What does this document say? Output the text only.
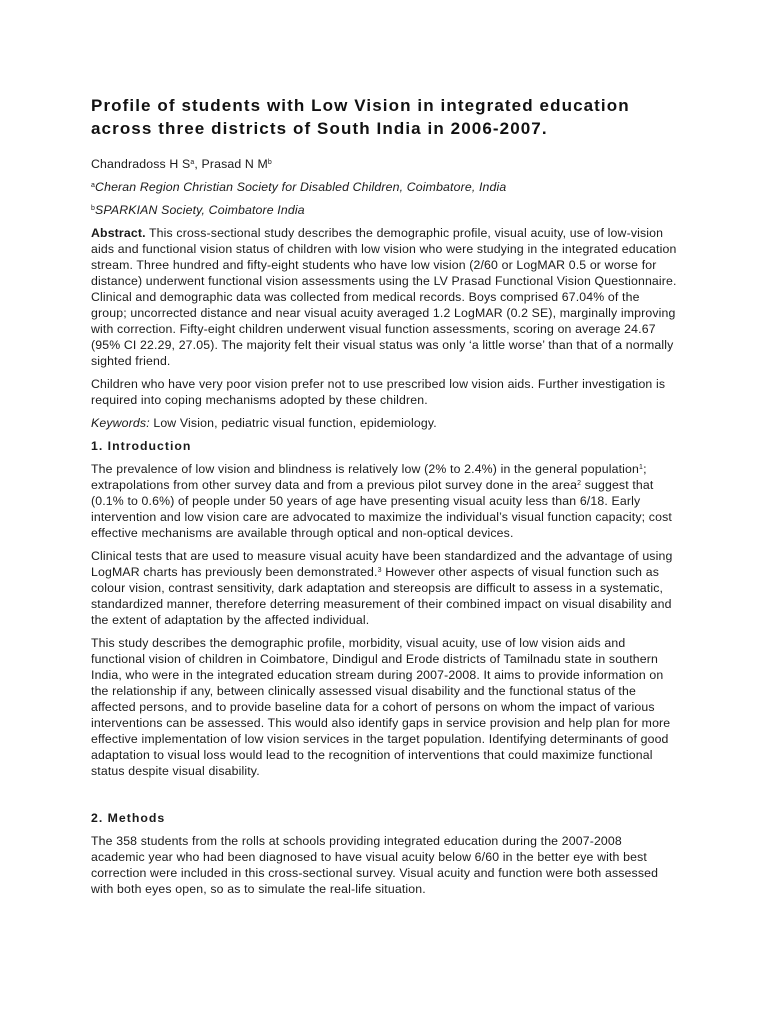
Profile of students with Low Vision in integrated education across three districts of South India in 2006-2007.

Chandradoss H $S^a$, Prasad N $M^b$

$^a$Cheran Region Christian Society for Disabled Children, Coimbatore, India

$^b$SPARKIAN Society, Coimbatore India

Abstract. This cross-sectional study describes the demographic profile, visual acuity, use of low-vision aids and functional vision status of children with low vision who were studying in the integrated education stream. Three hundred and fifty-eight students who have low vision (2/60 or LogMAR 0.5 or worse for distance) underwent functional vision assessments using the LV Prasad Functional Vision Questionnaire. Clinical and demographic data was collected from medical records. Boys comprised 67.04% of the group; uncorrected distance and near visual acuity averaged 1.2 LogMAR (0.2 SE), marginally improving with correction. Fifty-eight children underwent visual function assessments, scoring on average 24.67 (95% CI 22.29, 27.05). The majority felt their visual status was only ‘a little worse’ than that of a normally sighted friend.

Children who have very poor vision prefer not to use prescribed low vision aids. Further investigation is required into coping mechanisms adopted by these children.

Keywords: Low Vision, pediatric visual function, epidemiology.

1. Introduction

The prevalence of low vision and blindness is relatively low (2% to 2.4%) in the general population$^1$; extrapolations from other survey data and from a previous pilot survey done in the area$^2$ suggest that (0.1% to 0.6%) of people under 50 years of age have presenting visual acuity less than 6/18. Early intervention and low vision care are advocated to maximize the individual’s visual function capacity; cost effective mechanisms are available through optical and non-optical devices.

Clinical tests that are used to measure visual acuity have been standardized and the advantage of using LogMAR charts has previously been demonstrated.$^3$ However other aspects of visual function such as colour vision, contrast sensitivity, dark adaptation and stereopsis are difficult to assess in a systematic, standardized manner, therefore deterring measurement of their combined impact on visual disability and the extent of adaptation by the affected individual.

This study describes the demographic profile, morbidity, visual acuity, use of low vision aids and functional vision of children in Coimbatore, Dindigul and Erode districts of Tamilnadu state in southern India, who were in the integrated education stream during 2007-2008. It aims to provide information on the relationship if any, between clinically assessed visual disability and the functional status of the affected persons, and to provide baseline data for a cohort of persons on whom the impact of various interventions can be assessed. This would also identify gaps in service provision and help plan for more effective implementation of low vision services in the target population. Identifying determinants of good adaptation to visual loss would lead to the recognition of interventions that could maximize functional status despite visual disability.

2. Methods

The 358 students from the rolls at schools providing integrated education during the 2007-2008 academic year who had been diagnosed to have visual acuity below 6/60 in the better eye with best correction were included in this cross-sectional survey. Visual acuity and function were both assessed with both eyes open, so as to simulate the real-life situation.
